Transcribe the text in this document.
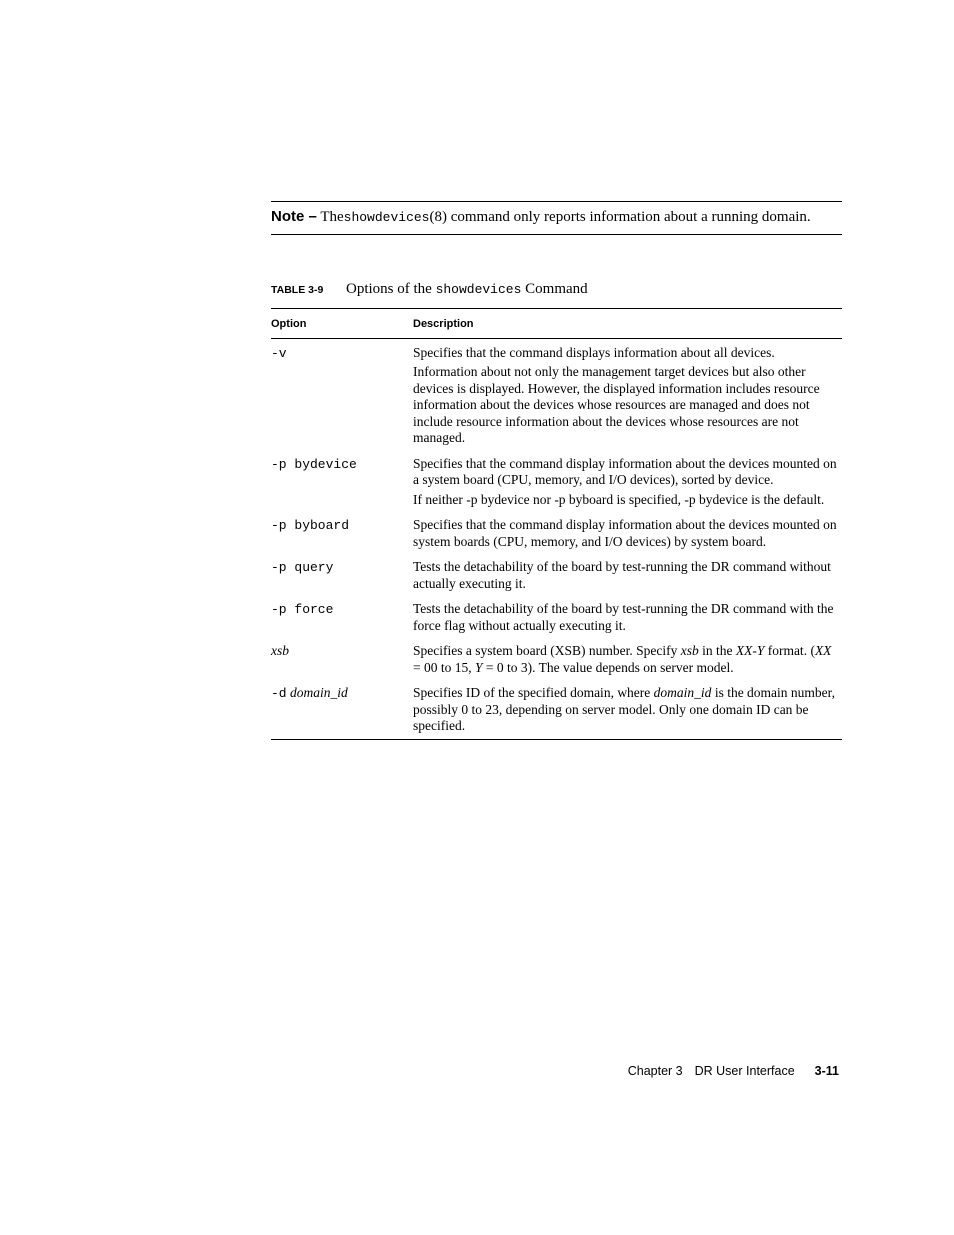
Note – Theshowdevices(8) command only reports information about a running domain.
TABLE 3-9 Options of the showdevices Command
Option	Description
-v	Specifies that the command displays information about all devices.

Information about not only the management target devices but also other devices is displayed. However, the displayed information includes resource information about the devices whose resources are managed and does not include resource information about the devices whose resources are not managed.

-p bydevice	Specifies that the command display information about the devices mounted on a system board (CPU, memory, and I/O devices), sorted by device.

If neither -p bydevice nor -p byboard is specified, -p bydevice is the default.

-p byboard	Specifies that the command display information about the devices mounted on system boards (CPU, memory, and I/O devices) by system board.

-p query	Tests the detachability of the board by test-running the DR command without actually executing it.

-p force	Tests the detachability of the board by test-running the DR command with the force flag without actually executing it.

xsb	Specifies a system board (XSB) number. Specify xsb in the XX-Y format. (XX = 00 to 15, Y = 0 to 3). The value depends on server model.

-d domain_id	Specifies ID of the specified domain, where domain_id is the domain number, possibly 0 to 23, depending on server model. Only one domain ID can be specified.

Chapter 3 DR User Interface 3-11
